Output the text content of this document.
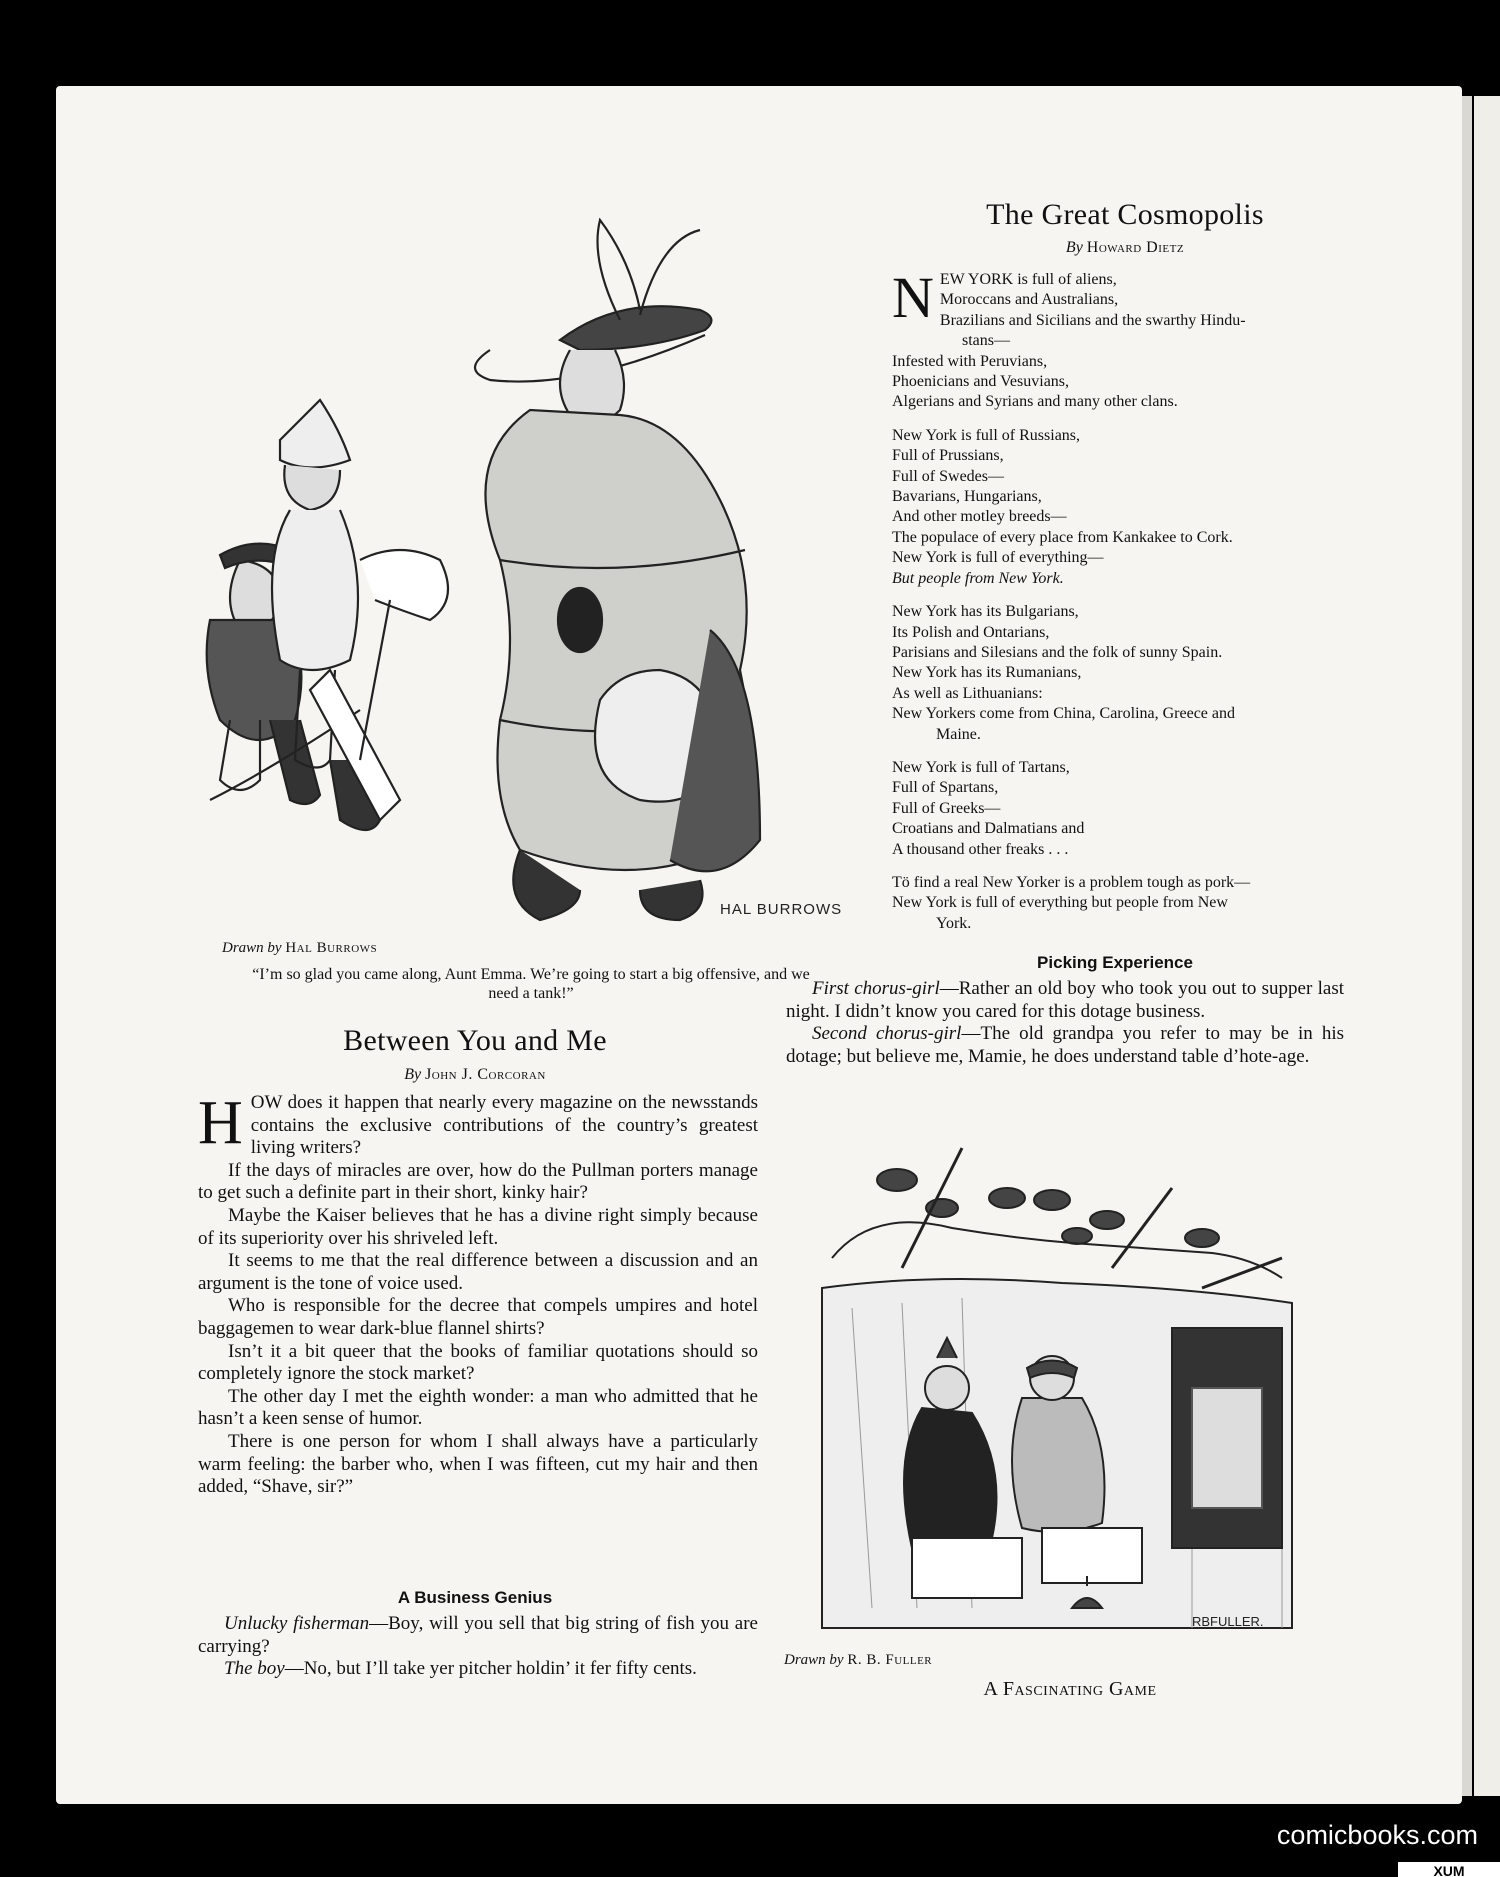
HAL BURROWS
Drawn by Hal Burrows
“I’m so glad you came along, Aunt Emma. We’re going to start a big offensive, and we need a tank!”
The Great Cosmopolis
By Howard Dietz
N EW YORK is full of aliens,
Moroccans and Australians,
Brazilians and Sicilians and the swarthy Hindu-
stans—
Infested with Peruvians,
Phoenicians and Vesuvians,
Algerians and Syrians and many other clans.
New York is full of Russians,
Full of Prussians,
Full of Swedes—
Bavarians, Hungarians,
And other motley breeds—
The populace of every place from Kankakee to Cork.
New York is full of everything—
But people from New York.
New York has its Bulgarians,
Its Polish and Ontarians,
Parisians and Silesians and the folk of sunny Spain.
New York has its Rumanians,
As well as Lithuanians:
New Yorkers come from China, Carolina, Greece and
Maine.
New York is full of Tartans,
Full of Spartans,
Full of Greeks—
Croatians and Dalmatians and
A thousand other freaks . . .
Tö find a real New Yorker is a problem tough as pork—
New York is full of everything but people from New
York.
Picking Experience

First chorus-girl—Rather an old boy who took you out to supper last night. I didn’t know you cared for this dotage business.

Second chorus-girl—The old grandpa you refer to may be in his dotage; but believe me, Mamie, he does understand table d’hote-age.

Between You and Me
By John J. Corcoran

HOW does it happen that nearly every magazine on the newsstands contains the exclusive contributions of the country’s greatest living writers?

If the days of miracles are over, how do the Pullman porters manage to get such a definite part in their short, kinky hair?

Maybe the Kaiser believes that he has a divine right simply because of its superiority over his shriveled left.

It seems to me that the real difference between a discussion and an argument is the tone of voice used.

Who is responsible for the decree that compels umpires and hotel baggagemen to wear dark-blue flannel shirts?

Isn’t it a bit queer that the books of familiar quotations should so completely ignore the stock market?

The other day I met the eighth wonder: a man who admitted that he hasn’t a keen sense of humor.

There is one person for whom I shall always have a particularly warm feeling: the barber who, when I was fifteen, cut my hair and then added, “Shave, sir?”

A Business Genius

Unlucky fisherman—Boy, will you sell that big string of fish you are carrying?

The boy—No, but I’ll take yer pitcher holdin’ it fer fifty cents.

RBFULLER.
Drawn by R. B. Fuller
A Fascinating Game
comicbooks.com
XUM
